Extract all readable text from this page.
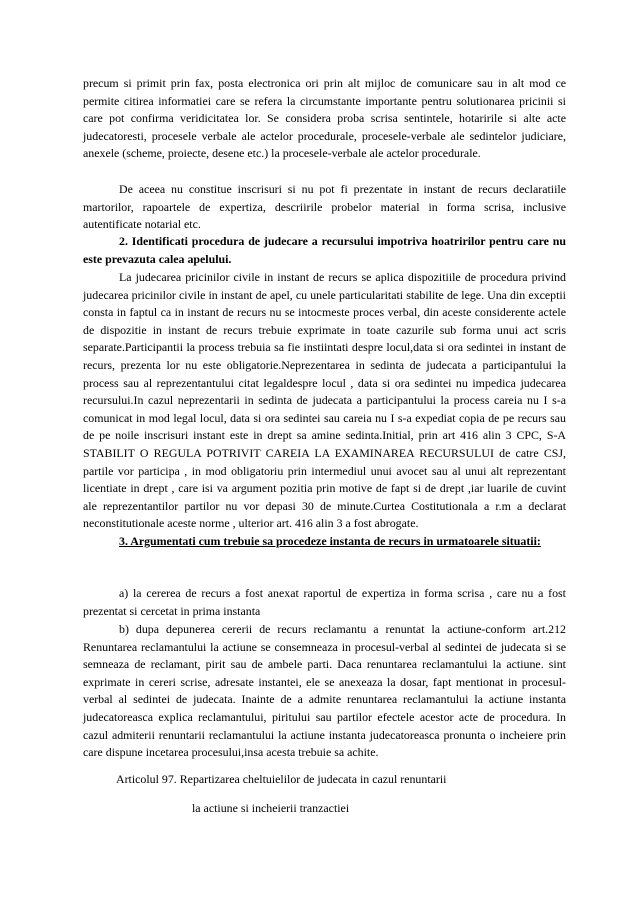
precum si primit prin fax, posta electronica ori prin alt mijloc de comunicare sau in alt mod ce permite citirea informatiei care se refera la circumstante importante pentru solutionarea pricinii si care pot confirma veridicitatea lor. Se considera proba scrisa sentintele, hotaririle si alte acte judecatoresti, procesele verbale ale actelor procedurale, procesele-verbale ale sedintelor judiciare, anexele (scheme, proiecte, desene etc.) la procesele-verbale ale actelor procedurale.

De aceea nu constitue inscrisuri si nu pot fi prezentate in instant de recurs declaratiile martorilor, rapoartele de expertiza, descriirile probelor material in forma scrisa, inclusive autentificate notarial etc.

2. Identificati procedura de judecare a recursului impotriva hoatririlor pentru care nu este prevazuta calea apelului.

La judecarea pricinilor civile in instant de recurs se aplica dispozitiile de procedura privind judecarea pricinilor civile in instant de apel, cu unele particularitati stabilite de lege. Una din exceptii consta in faptul ca in instant de recurs nu se intocmeste proces verbal, din aceste considerente actele de dispozitie in instant de recurs trebuie exprimate in toate cazurile sub forma unui act scris separate.Participantii la process trebuia sa fie instiintati despre locul,data si ora sedintei in instant de recurs, prezenta lor nu este obligatorie.Neprezentarea in sedinta de judecata a participantului la process sau al reprezentantului citat legaldespre locul , data si ora sedintei nu impedica judecarea recursului.In cazul neprezentarii in sedinta de judecata a participantului la process careia nu I s-a comunicat in mod legal locul, data si ora sedintei sau careia nu I s-a expediat copia de pe recurs sau de pe noile inscrisuri instant este in drept sa amine sedinta.Initial, prin art 416 alin 3 CPC, S-A STABILIT O REGULA POTRIVIT CAREIA LA EXAMINAREA RECURSULUI de catre CSJ, partile vor participa , in mod obligatoriu prin intermediul unui avocet sau al unui alt reprezentant licentiate in drept , care isi va argument pozitia prin motive de fapt si de drept ,iar luarile de cuvint ale reprezentantilor partilor nu vor depasi 30 de minute.Curtea Costitutionala a r.m a declarat neconstitutionale aceste norme , ulterior art. 416 alin 3 a fost abrogate.

3. Argumentati cum trebuie sa procedeze instanta de recurs in urmatoarele situatii:

a) la cererea de recurs a fost anexat raportul de expertiza in forma scrisa , care nu a fost prezentat si cercetat in prima instanta

b) dupa depunerea cererii de recurs reclamantu a renuntat la actiune-conform art.212 Renuntarea reclamantului la actiune se consemneaza in procesul-verbal al sedintei de judecata si se semneaza de reclamant, pirit sau de ambele parti. Daca renuntarea reclamantului la actiune. sint exprimate in cereri scrise, adresate instantei, ele se anexeaza la dosar, fapt mentionat in procesul-verbal al sedintei de judecata. Inainte de a admite renuntarea reclamantului la actiune instanta judecatoreasca explica reclamantului, piritului sau partilor efectele acestor acte de procedura. In cazul admiterii renuntarii reclamantului la actiune instanta judecatoreasca pronunta o incheiere prin care dispune incetarea procesului,insa acesta trebuie sa achite.

Articolul 97. Repartizarea cheltuielilor de judecata in cazul renuntarii

la actiune si incheierii tranzactiei
